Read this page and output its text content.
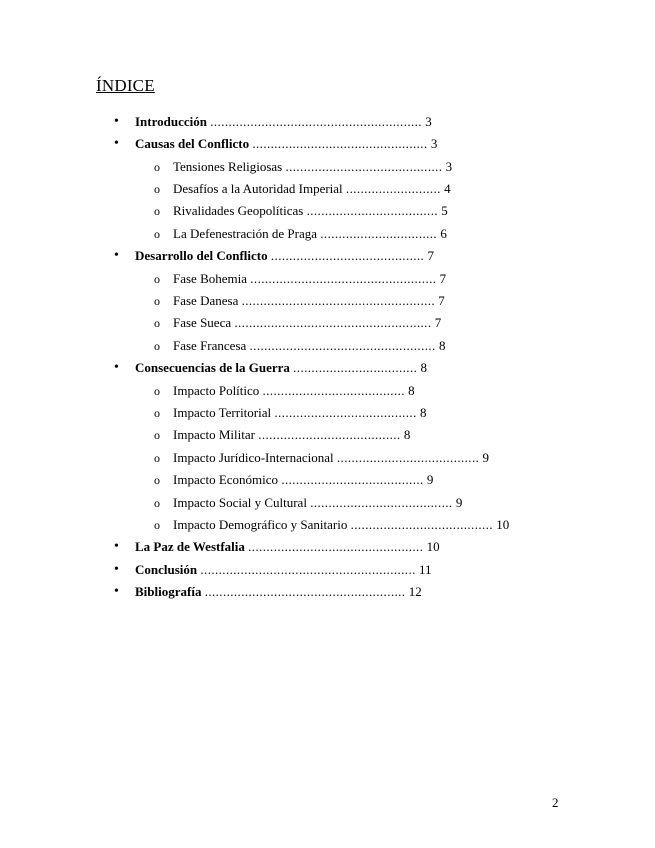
ÍNDICE
• Introducción .......................................................... 3
• Causas del Conflicto ................................................ 3
o Tensiones Religiosas ........................................... 3
o Desafíos a la Autoridad Imperial .......................... 4
o Rivalidades Geopolíticas .................................... 5
o La Defenestración de Praga ................................ 6
• Desarrollo del Conflicto .......................................... 7
o Fase Bohemia ................................................... 7
o Fase Danesa ..................................................... 7
o Fase Sueca ...................................................... 7
o Fase Francesa ................................................... 8
• Consecuencias de la Guerra .................................. 8
o Impacto Político ....................................... 8
o Impacto Territorial ....................................... 8
o Impacto Militar ....................................... 8
o Impacto Jurídico-Internacional ....................................... 9
o Impacto Económico ....................................... 9
o Impacto Social y Cultural ....................................... 9
o Impacto Demográfico y Sanitario ....................................... 10
• La Paz de Westfalia ................................................ 10
• Conclusión ........................................................... 11
• Bibliografía ....................................................... 12
2
